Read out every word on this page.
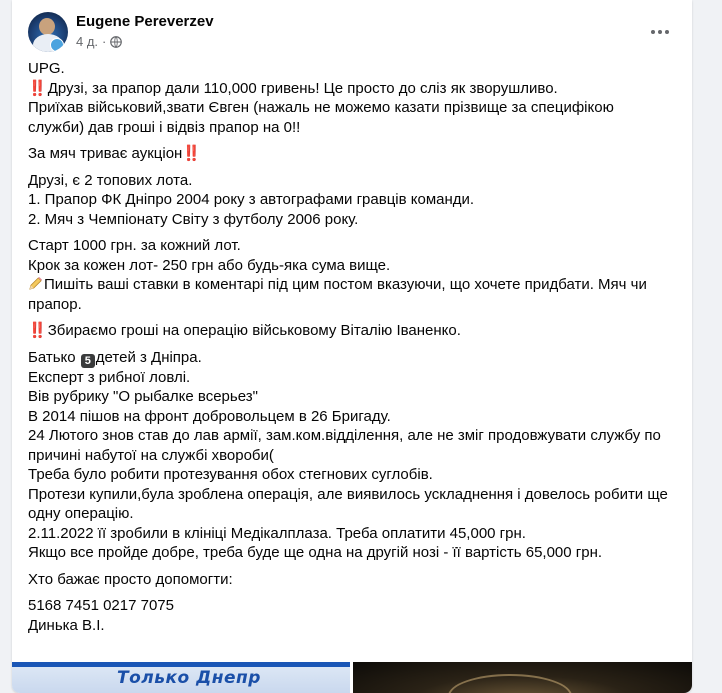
Eugene Pereverzev
4 д. ·
UPG.
‼️ Друзі, за прапор дали 110,000 гривень! Це просто до сліз як зворушливо.
Приїхав військовий,звати Євген (нажаль не можемо казати прізвище за специфікою
служби) дав гроші і відвіз прапор на 0!!
За мяч триває аукціон‼️
Друзі, є 2 топових лота.
1. Прапор ФК Дніпро 2004 року з автографами гравців команди.
2. Мяч з Чемпіонату Світу з футболу 2006 року.
Старт 1000 грн. за кожний лот.
Крок за кожен лот- 250 грн або будь-яка сума вище.
Пишіть ваші ставки в коментарі під цим постом вказуючи, що хочете придбати. Мяч чи
прапор.
‼️ Збираємо гроші на операцію військовому Віталію Іваненко.
Батько 5 детей з Дніпра.
Експерт з рибної ловлі.
Вів рубрику "О рыбалке всерьез"
В 2014 пішов на фронт добровольцем в 26 Бригаду.
24 Лютого знов став до лав армії, зам.ком.відділення, але не зміг продовжувати службу по
причині набутої на службі хвороби(
Треба було робити протезування обох стегнових суглобів.
Протези купили,була зроблена операція, але виявилось ускладнення і довелось робити ще
одну операцію.
2.11.2022 її зробили в клініці Медікалплаза. Треба оплатити 45,000 грн.
Якщо все пройде добре, треба буде ще одна на другій нозі - її вартість 65,000 грн.
Хто бажає просто допомогти:
5168 7451 0217 7075
Динька В.І.
Только Днепр
